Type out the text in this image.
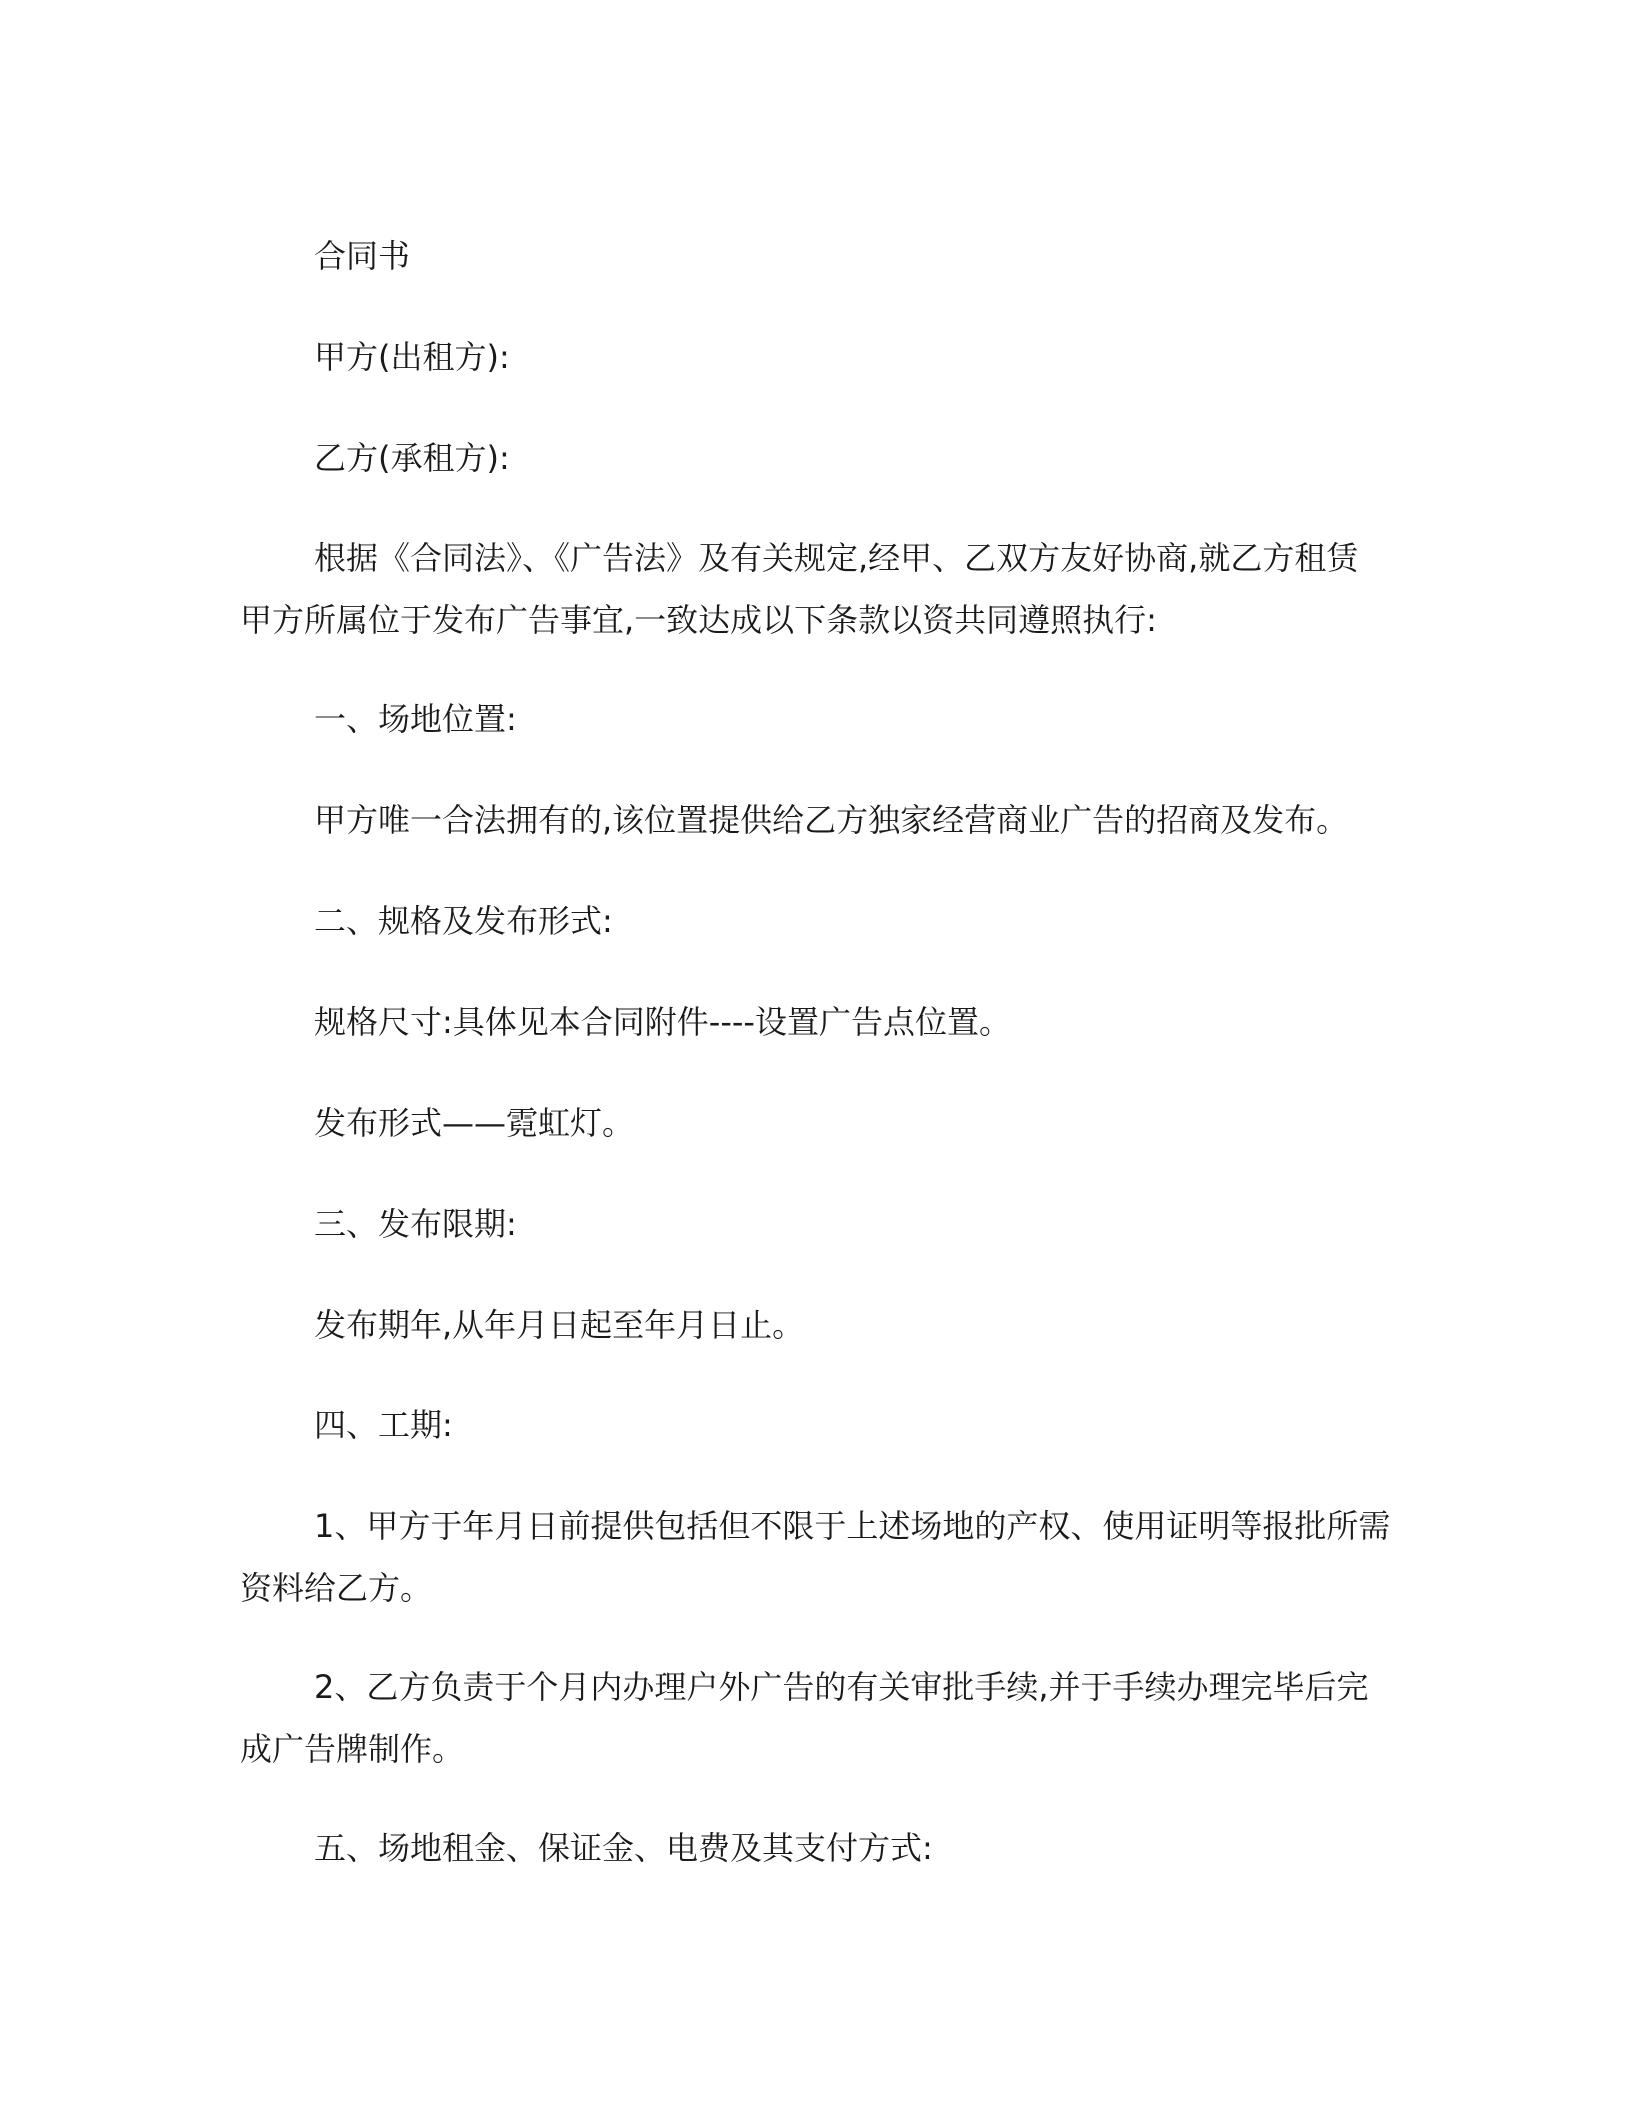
合同书

甲方(出租方):

乙方(承租方):

根据《合同法》、《广告法》及有关规定,经甲、乙双方友好协商,就乙方租赁

甲方所属位于发布广告事宜,一致达成以下条款以资共同遵照执行:

一、场地位置:

甲方唯一合法拥有的,该位置提供给乙方独家经营商业广告的招商及发布。

二、规格及发布形式:

规格尺寸:具体见本合同附件----设置广告点位置。

发布形式——霓虹灯。

三、发布限期:

发布期年,从年月日起至年月日止。

四、工期:

1、甲方于年月日前提供包括但不限于上述场地的产权、使用证明等报批所需

资料给乙方。

2、乙方负责于个月内办理户外广告的有关审批手续,并于手续办理完毕后完

成广告牌制作。

五、场地租金、保证金、电费及其支付方式:
